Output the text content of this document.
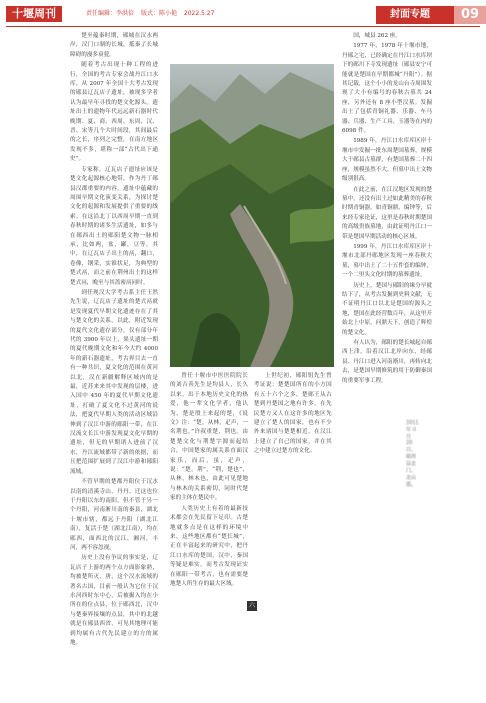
十堰周刊	责任编辑：李洪倍 版式：陈小艳 2022.5.27	封面专题	09

楚至蕴秦时期，郧城在汉水两岸，汉门口制的长城，抵秦了长城障碍的漫多衰甍。

随着考古出现十种工程的进行，全国的考古专家会战丹江口水库，从 2007 年全国十大考古发现的郧县辽瓦店子遗址，被现多学者认为最早年寻找的楚文化源头。遗址出土的遗物年代远远新石器时代晚期、夏、商、西周、东周、汉、晋、宋等几个大时间段，其间最后的之长，序列之完整，在南方地区发现不多，堪称一部“古代出下通史”。

专家称，辽瓦店子遗址应该是楚文化起源核心地带，作为丹丁郧县汉郡重要的内容，遗址中蕴藏的周围早期文化演变关系，为探讨楚文化的起源和发展提供了重要的线索。在这沿北丁以西周早期一直到春秋时期的诸多生活遗址，如多与在郧西出土的郧阳楚文物一脉相承，比如两，盆，罐，豆等，其中，在辽瓦店子出土的鬲，翻口，卷像，钢采，实锥状足，为典型的楚式鬲，而之前在荆州出土的这样楚式鬲，晚至与其蔷密鬲同时。

到任现汉大学考古系主任王然先生说，辽瓦店子遗址的楚式鬲就是发现夏代早期文化遗迹存在了其与楚文化的关系。以此，附近发现的夏代文化遗存部分，仅有部分年代的 3900 年以上，果头遗址一期的夏代晚期文化和年今大约 4000 年的新石器遗址，考古界目去一直有一种共识，夏文化的范围在黄河以北，汉在新疆解释区域内的是最，近苏来来其中发现的层楼，进入国中 450 年的夏代早期文化遗址，打破了夏文化不过黄河的说法，把夏代早期人类的活动区域沿伸到了汉江中游的郧阳一带，在江汉流文长江中游发现夏文化早期的遗址，但无的早期诸人进前了汉水，丹江流域都带了新的依据，而且把范围扩展到了汉江中游和郧阳流域。

不管早期的楚都丹阳位于汉水以南的清溪寺山、丹丹、迁这也位于丹阳以东的南阳，但不管于另一个丹阳，河南淅川南的秦县，湖北十堰市辖，都远于丹阳（湖北江南），复活于楚（湖北江南），均在郧西，面西北的汉江，湘河，丰河，两不容忽视。

历史上没有争议的事实是，辽瓦店子上游的两个点方面影象熟，均被楚所灭，唐，这个汉水流域的著名古国，目前一般认为它位于汉水河西时东中心，后被掘入均在小所在的位点县，位于郧西北，汉中与楚秦界接壤的点县，其中的北越就是在郧县西省，可见其地理可能到均属有古代先民建立的方的属地。

2011 年 4 月 20 日，郧西县北门、北山寨。

曾任十堰市中医医院院长的刘吉善先生是均县人，长久以来，出于本地历史文化的热爱，他一辈文化学者，他认为，楚是殷上来起的楚，《说文》注：“楚，从林，疋声，一名荆也。”许叔重楚，荆也。由楚楚文化与荆楚字源而起结合，中国楚家的属关系直面汉家乐，而后，虽，疋声，说：“楚，荆”，“荆，楚也”，从林，林木也，由此可见楚地与林木的关系密切，同时代楚家的主体在楚民中。

人类历史上有着的最新技术都会在先民留下足印。古楚地就多点是在这样的环境中来，这些地区都有“楚长城”，正在丰富起来的研究中，把丹江口水库的楚国，汉中，秦国等疑是难实，而考古发现证实在郧阳一带考古，也有需要楚地楚人所生存的最大区域。

上世纪初，郧阳钥先生曾考证说：楚楚国所在的小方国有五十六个之多，楚郧王从古楚到丹楚国之地有许多，在先民楚方又人在这许多的地区先建立了楚人的国家，也有不少外来诸国与楚楚相近，在汉江上建立了自己的国家，并在其之中建立过楚方的文化。

六

国，城县 262 座。

1977 年，1978 年十堰市地，丹郧之宅，已经确定在丹江口水库坝下的郧川下寺发现遗址（郧县安宁可能就是楚国在早期都城“丹阳”）。据其记载，这个小小的龙山台寺周围发现了大小有编号的春秋古墓共 24 座，另外还有 8 座小型汉墓。发掘出土了包括青铜礼器、乐器、车马器、兵器、生产工具、玉器等在内的 6098 件。

1989 年，丹江口水库库区岸十堰市中发掘一批东周楚国墓葬，规模大于郧县古墓群，有楚国墓葬二十四座，规模虽然不大，但墓中出土文物级别很高。

在此之前，在江汉地区发现的楚墓中，还没有出土过如此精美的春秋时期青铜器，如青铜鼎，编钟等，后来经专家论证，这里是春秋时期楚国的高级贵族墓地，由此证明丹江口一带是楚国早期活动的核心区域。

1999 年，丹江口水库库区岸十堰市北部丹郧地区发现一座春秋大墓，墓中出土了二十五件套的编钟，一个二里头文化时期的墓葬遗址。

历史上，楚国与郧阳的缘分早就结下了，从考古发掘到史料文献，无不证明丹江口以北是楚国的源头之地，楚国在此经营数百年，从这里开始北上中原，问鼎天下，创造了辉煌的楚文化。

有人认为，郧阳的楚长城起自郧西上津，沿着汉江北岸向东，经郧县、丹江口进入河南淅川，再转向北去，是楚国早期修筑的用于防御秦国的重要军事工程。
